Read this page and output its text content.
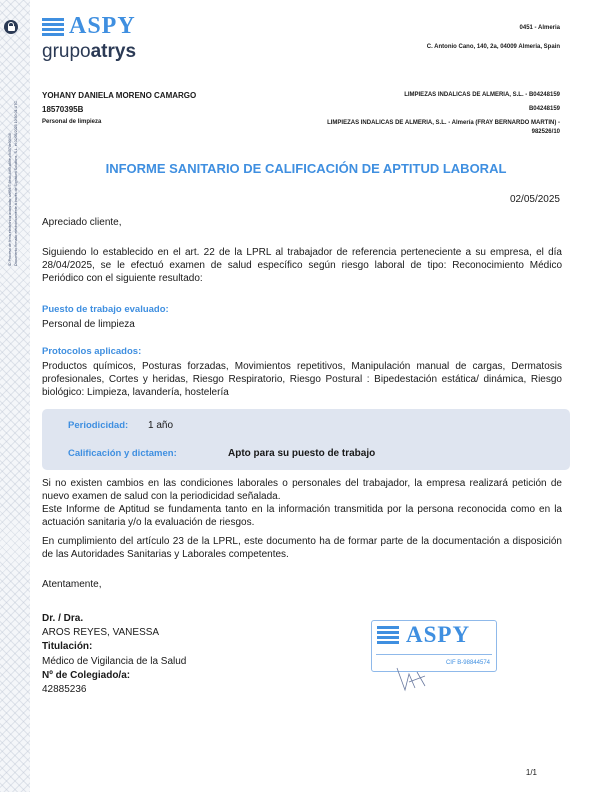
ID Proceso de firma electrónica avanzada: caff94f7-6ecb-4df9-a69e-c9407de00436 Documento firmado electrónicamente a través de Signaturit Solutions, S.L. el 02/05/2025 10:50:01 UTC
ASPY
grupoatrys
0451 - Almeria
C. Antonio Cano, 140, 2a, 04009 Almeria, Spain
YOHANY DANIELA MORENO CAMARGO
18570395B
Personal de limpieza
LIMPIEZAS INDALICAS DE ALMERIA, S.L. - B04248159
B04248159
LIMPIEZAS INDALICAS DE ALMERIA, S.L. - Almería (FRAY BERNARDO MARTIN) - 982526/10
INFORME SANITARIO DE CALIFICACIÓN DE APTITUD LABORAL
02/05/2025
Apreciado cliente,
Siguiendo lo establecido en el art. 22 de la LPRL al trabajador de referencia perteneciente a su empresa, el día 28/04/2025, se le efectuó examen de salud específico según riesgo laboral de tipo: Reconocimiento Médico Periódico con el siguiente resultado:
Puesto de trabajo evaluado:
Personal de limpieza
Protocolos aplicados:
Productos químicos, Posturas forzadas, Movimientos repetitivos, Manipulación manual de cargas, Dermatosis profesionales, Cortes y heridas, Riesgo Respiratorio, Riesgo Postural : Bipedestación estática/ dinámica, Riesgo biológico: Limpieza, lavandería, hostelería
Periodicidad: 1 año
Calificación y dictamen:	Apto para su puesto de trabajo
Si no existen cambios en las condiciones laborales o personales del trabajador, la empresa realizará petición de nuevo examen de salud con la periodicidad señalada.
Este Informe de Aptitud se fundamenta tanto en la información transmitida por la persona reconocida como en la actuación sanitaria y/o la evaluación de riesgos.
En cumplimiento del artículo 23 de la LPRL, este documento ha de formar parte de la documentación a disposición de las Autoridades Sanitarias y Laborales competentes.
Atentamente,
Dr. / Dra.
AROS REYES, VANESSA
Titulación:
Médico de Vigilancia de la Salud
Nº de Colegiado/a:
42885236
ASPY
CIF B-98844574
1/1
